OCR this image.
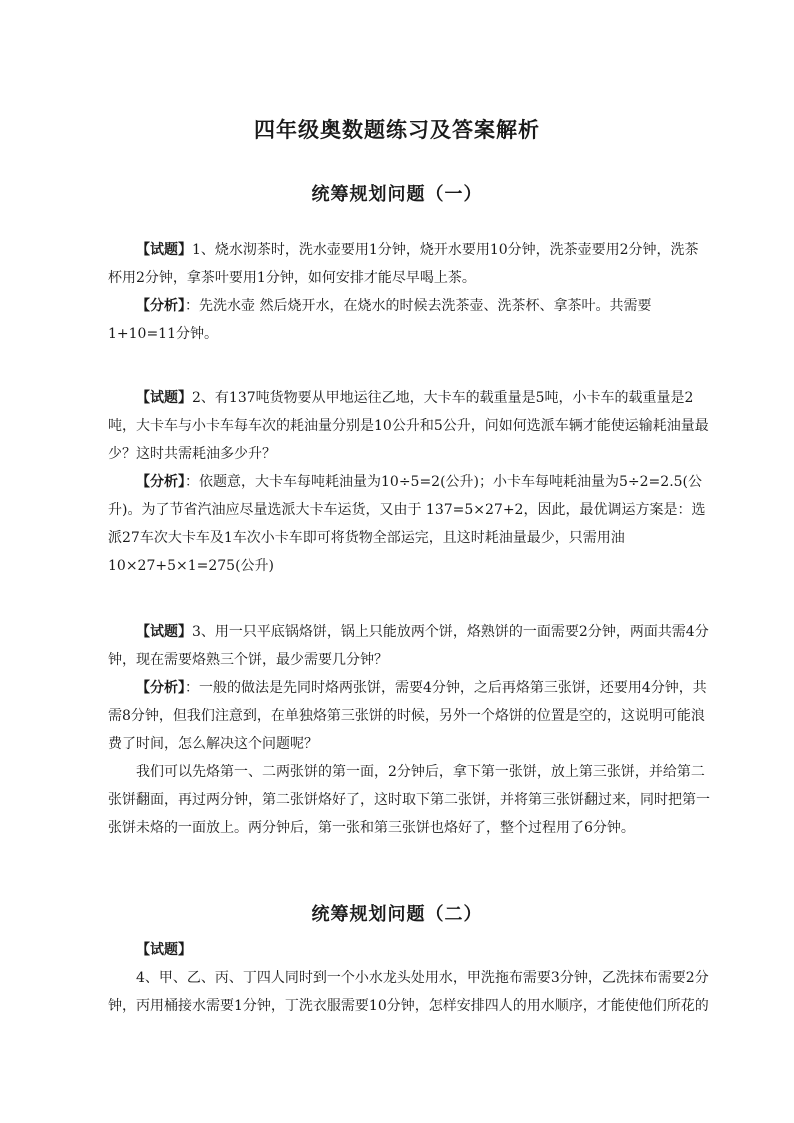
四年级奥数题练习及答案解析
统筹规划问题（一）

【试题】1、烧水沏茶时，洗水壶要用1分钟，烧开水要用10分钟，洗茶壶要用2分钟，洗茶杯用2分钟，拿茶叶要用1分钟，如何安排才能尽早喝上茶。

【分析】：先洗水壶 然后烧开水，在烧水的时候去洗茶壶、洗茶杯、拿茶叶。共需要

1+10=11分钟。

【试题】2、有137吨货物要从甲地运往乙地，大卡车的载重量是5吨，小卡车的载重量是2吨，大卡车与小卡车每车次的耗油量分别是10公升和5公升，问如何选派车辆才能使运输耗油量最少？这时共需耗油多少升？

【分析】：依题意，大卡车每吨耗油量为10÷5=2(公升)；小卡车每吨耗油量为5÷2=2.5(公升)。为了节省汽油应尽量选派大卡车运货，又由于 137=5×27+2，因此，最优调运方案是：选派27车次大卡车及1车次小卡车即可将货物全部运完，且这时耗油量最少，只需用油

10×27+5×1=275(公升)

【试题】3、用一只平底锅烙饼，锅上只能放两个饼，烙熟饼的一面需要2分钟，两面共需4分钟，现在需要烙熟三个饼，最少需要几分钟？

【分析】：一般的做法是先同时烙两张饼，需要4分钟，之后再烙第三张饼，还要用4分钟，共需8分钟，但我们注意到，在单独烙第三张饼的时候，另外一个烙饼的位置是空的，这说明可能浪费了时间，怎么解决这个问题呢？

我们可以先烙第一、二两张饼的第一面，2分钟后，拿下第一张饼，放上第三张饼，并给第二张饼翻面，再过两分钟，第二张饼烙好了，这时取下第二张饼，并将第三张饼翻过来，同时把第一张饼未烙的一面放上。两分钟后，第一张和第三张饼也烙好了，整个过程用了6分钟。

统筹规划问题（二）

【试题】

4、甲、乙、丙、丁四人同时到一个小水龙头处用水，甲洗拖布需要3分钟，乙洗抹布需要2分钟，丙用桶接水需要1分钟，丁洗衣服需要10分钟，怎样安排四人的用水顺序，才能使他们所花的
